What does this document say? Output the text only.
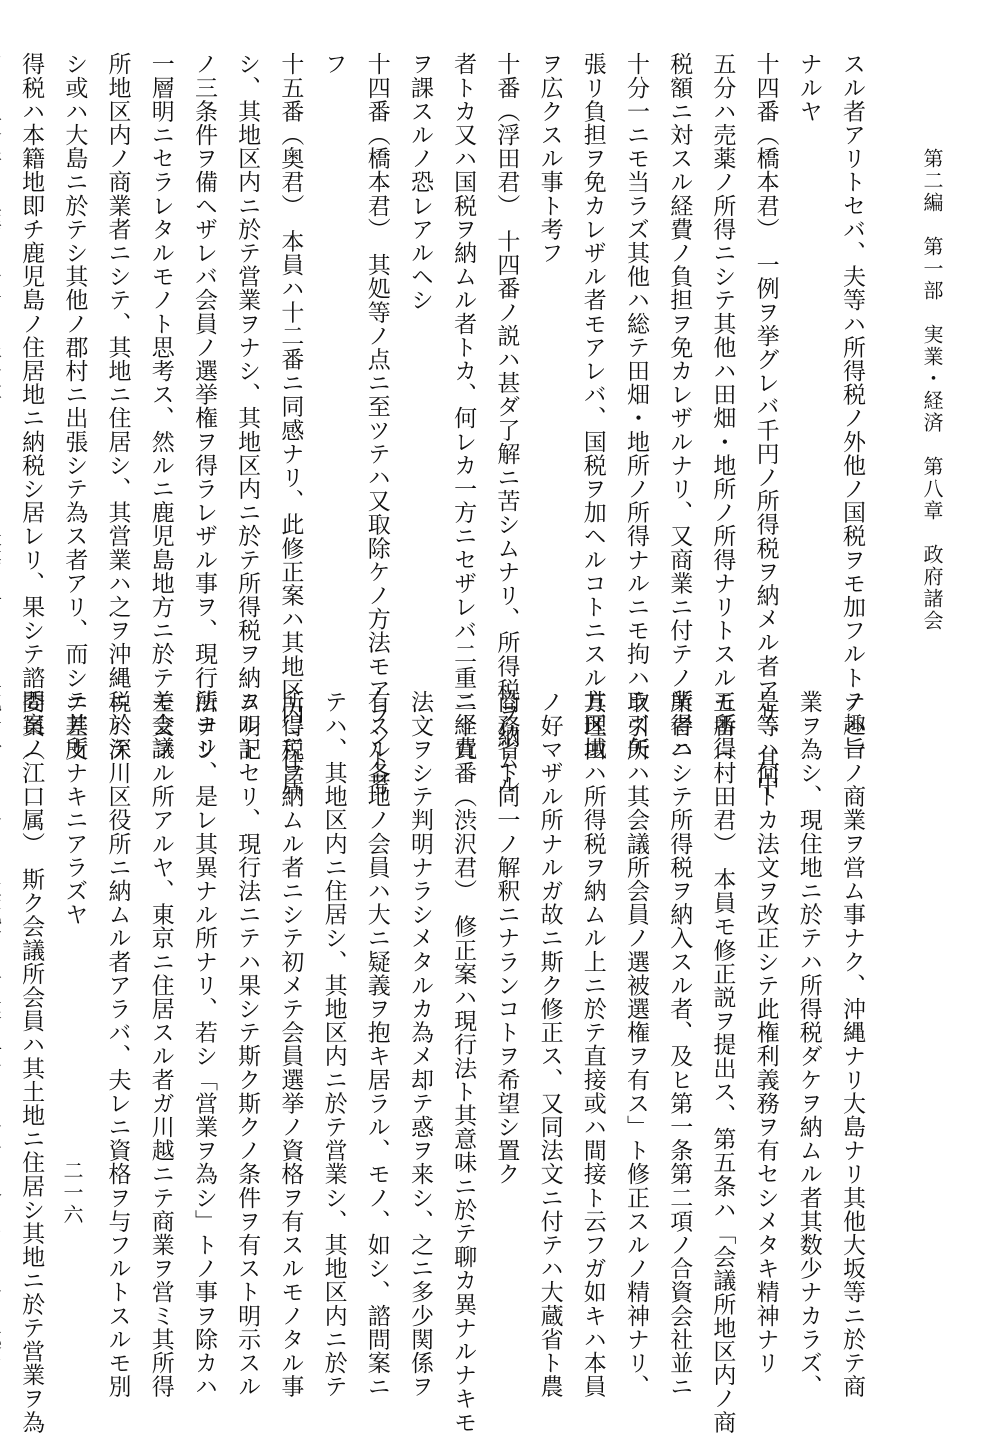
第二編　第一部　実業・経済　第八章　政府諸会
二一六
スル者アリトセバ、夫等ハ所得税ノ外他ノ国税ヲモ加フルトノ趣旨
ナルヤ
十四番（橋本君）　一例ヲ挙グレバ千円ノ所得税ヲ納メル者アリ、其中
五分ハ売薬ノ所得ニシテ其他ハ田畑・地所ノ所得ナリトスルモ所得
税額ニ対スル経費ノ負担ヲ免カレザルナリ、又商業ニ付テノ所得ハ
十分一ニモ当ラズ其他ハ総テ田畑・地所ノ所得ナルニモ拘ハラズ矢
張リ負担ヲ免カレザル者モアレバ、国税ヲ加ヘルコトニスル方区域
ヲ広クスル事ト考フ
十番（浮田君）　十四番ノ説ハ甚ダ了解ニ苦シムナリ、所得税ヲ納ムル
者トカ又ハ国税ヲ納ムル者トカ、何レカ一方ニセザレバ二重ニ経費
ヲ課スルノ恐レアルヘシ
十四番（橋本君）　其処等ノ点ニ至ツテハ又取除ケノ方法モアラント考
フ
十五番（奥君）　本員ハ十二番ニ同感ナリ、此修正案ハ其地区内ニ住居
シ、其地区内ニ於テ営業ヲナシ、其地区内ニ於テ所得税ヲ納ムルト
ノ三条件ヲ備ヘザレバ会員ノ選挙権ヲ得ラレザル事ヲ、現行法ヨリ
一層明ニセラレタルモノト思考ス、然ルニ鹿児島地方ニ於テモ会議
所地区内ノ商業者ニシテ、其地ニ住居シ、其営業ハ之ヲ沖縄ニ於テ
シ或ハ大島ニ於テシ其他ノ郡村ニ出張シテ為ス者アリ、而シテ其所
得税ハ本籍地即チ鹿児島ノ住居地ニ納税シ居レリ、果シテ諮問案ノ
テハ一ノ商業ヲ営ム事ナク、沖縄ナリ大島ナリ其他大坂等ニ於テ商
業ヲ為シ、現住地ニ於テハ所得税ダケヲ納ムル者其数少ナカラズ、
是等ハ何トカ法文ヲ改正シテ此権利義務ヲ有セシメタキ精神ナリ
五番（村田君）　本員モ修正説ヲ提出ス、第五条ハ「会議所地区内ノ商
業者ニシテ所得税ヲ納入スル者、及ヒ第一条第二項ノ合資会社並ニ
取引所ハ其会議所会員ノ選被選権ヲ有ス」ト修正スルノ精神ナリ、
其理由ハ所得税ヲ納ムル上ニ於テ直接或ハ間接ト云フガ如キハ本員
ノ好マザル所ナルガ故ニ斯ク修正ス、又同法文ニ付テハ大蔵省ト農
商務省ト同一ノ解釈ニナランコトヲ希望シ置ク
二十九番（渋沢君）　修正案ハ現行法ト其意味ニ於テ聊カ異ナルナキモ
法文ヲシテ判明ナラシメタルカ為メ却テ惑ヲ来シ、之ニ多少関係ヲ
有スル各地ノ会員ハ大ニ疑義ヲ抱キ居ラル、モノ、如シ、諮問案ニ
テハ、其地区内ニ住居シ、其地区内ニ於テ営業シ、其地区内ニ於テ
所得税ヲ納ムル者ニシテ初メテ会員選挙ノ資格ヲ有スルモノタル事
ヲ明記セリ、現行法ニテハ果シテ斯ク斯クノ条件ヲ有スト明示スル
所ナシ、是レ其異ナル所ナリ、若シ「営業ヲ為シ」トノ事ヲ除カハ
差支フル所アルヤ、東京ニ住居スル者ガ川越ニテ商業ヲ営ミ其所得
税ハ深川区役所ニ納ムル者アラバ、夫レニ資格ヲ与フルトスルモ別
ニ差支ナキニアラズヤ
委員（江口属）　斯ク会議所会員ハ其土地ニ住居シ其地ニ於テ営業ヲ為
